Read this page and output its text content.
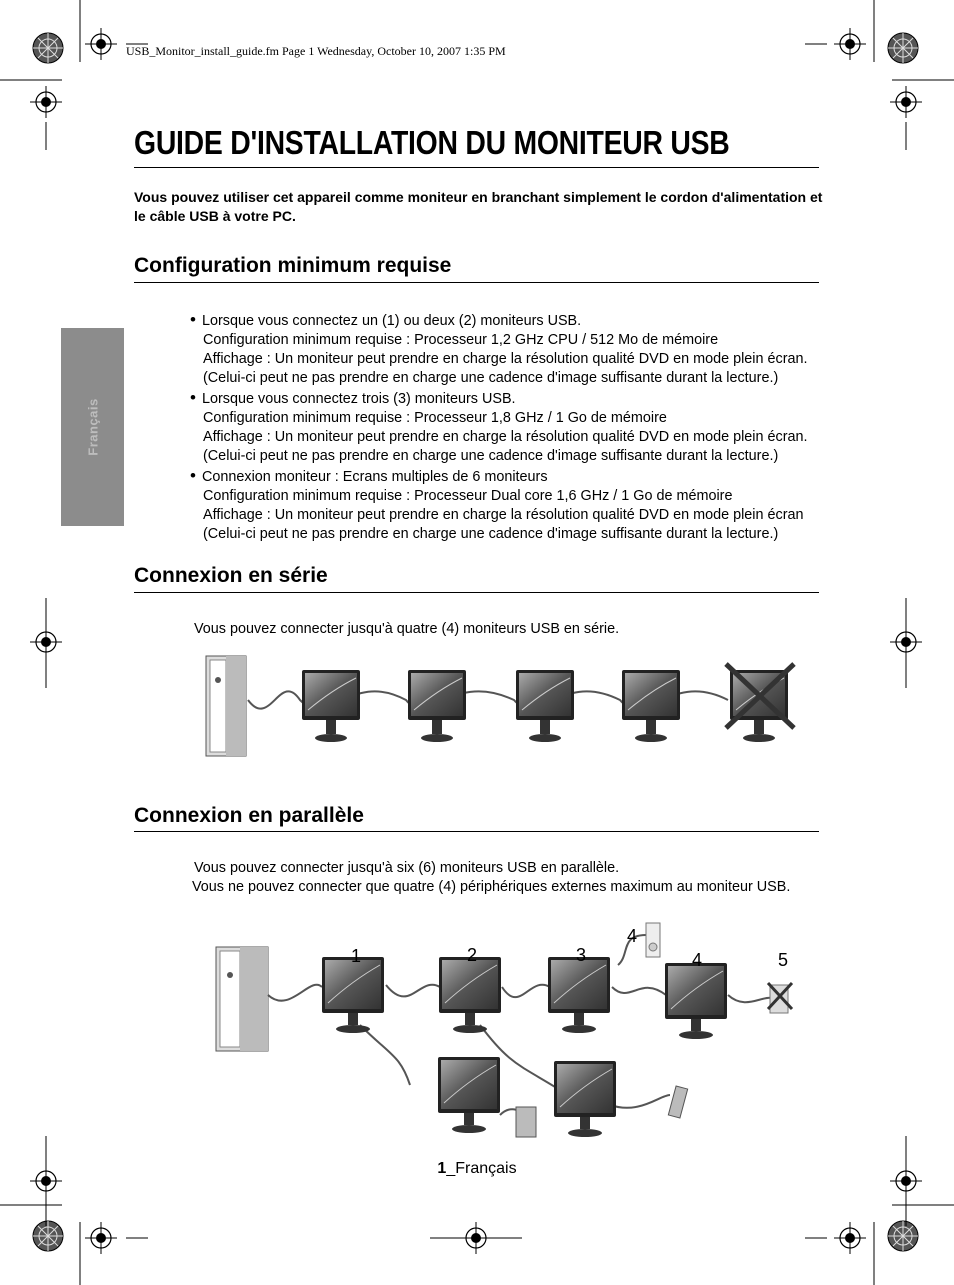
USB_Monitor_install_guide.fm Page 1 Wednesday, October 10, 2007 1:35 PM
Français
GUIDE D'INSTALLATION DU MONITEUR USB
Vous pouvez utiliser cet appareil comme moniteur en branchant simplement le cordon d'alimentation et le câble USB à votre PC.
Configuration minimum requise
• Lorsque vous connectez un (1) ou deux (2) moniteurs USB.
Configuration minimum requise : Processeur 1,2 GHz CPU / 512 Mo de mémoire
Affichage : Un moniteur peut prendre en charge la résolution qualité DVD en mode plein écran.
(Celui-ci peut ne pas prendre en charge une cadence d'image suffisante durant la lecture.)
• Lorsque vous connectez trois (3) moniteurs USB.
Configuration minimum requise : Processeur 1,8 GHz / 1 Go de mémoire
Affichage : Un moniteur peut prendre en charge la résolution qualité DVD en mode plein écran.
(Celui-ci peut ne pas prendre en charge une cadence d'image suffisante durant la lecture.)
• Connexion moniteur : Ecrans multiples de 6 moniteurs
Configuration minimum requise : Processeur Dual core 1,6 GHz / 1 Go de mémoire
Affichage : Un moniteur peut prendre en charge la résolution qualité DVD en mode plein écran
(Celui-ci peut ne pas prendre en charge une cadence d'image suffisante durant la lecture.)
Connexion en série
Vous pouvez connecter jusqu'à quatre (4) moniteurs USB en série.
Connexion en parallèle
Vous pouvez connecter jusqu'à six (6) moniteurs USB en parallèle.
Vous ne pouvez connecter que quatre (4) périphériques externes maximum au moniteur USB.
1	2	3
4
4	5
1_Français
